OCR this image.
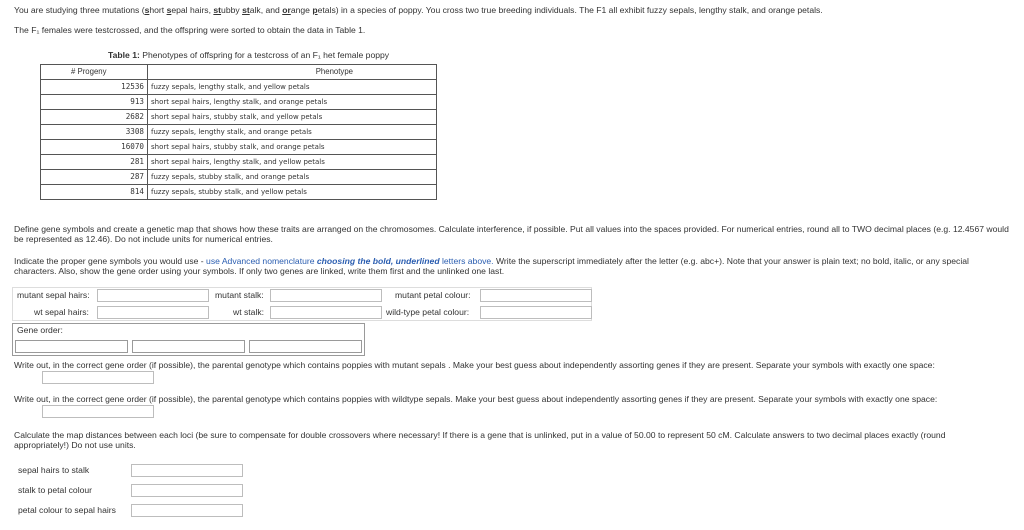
You are studying three mutations (short sepal hairs, stubby stalk, and orange petals) in a species of poppy. You cross two true breeding individuals. The F1 all exhibit fuzzy sepals, lengthy stalk, and orange petals.
The F₁ females were testcrossed, and the offspring were sorted to obtain the data in Table 1.
Table 1: Phenotypes of offspring for a testcross of an F₁ het female poppy
# Progeny	Phenotype
12536	fuzzy sepals, lengthy stalk, and yellow petals
913	short sepal hairs, lengthy stalk, and orange petals
2682	short sepal hairs, stubby stalk, and yellow petals
3308	fuzzy sepals, lengthy stalk, and orange petals
16070	short sepal hairs, stubby stalk, and orange petals
281	short sepal hairs, lengthy stalk, and yellow petals
287	fuzzy sepals, stubby stalk, and orange petals
814	fuzzy sepals, stubby stalk, and yellow petals
Define gene symbols and create a genetic map that shows how these traits are arranged on the chromosomes. Calculate interference, if possible. Put all values into the spaces provided. For numerical entries, round all to TWO decimal places (e.g. 12.4567 would be represented as 12.46). Do not include units for numerical entries.
Indicate the proper gene symbols you would use - use Advanced nomenclature choosing the bold, underlined letters above. Write the superscript immediately after the letter (e.g. abc+). Note that your answer is plain text; no bold, italic, or any special characters. Also, show the gene order using your symbols. If only two genes are linked, write them first and the unlinked one last.
mutant sepal hairs:	mutant stalk:	mutant petal colour:
wt sepal hairs:	wt stalk:	wild-type petal colour:
Gene order:
Write out, in the correct gene order (if possible), the parental genotype which contains poppies with mutant sepals . Make your best guess about independently assorting genes if they are present. Separate your symbols with exactly one space:
Write out, in the correct gene order (if possible), the parental genotype which contains poppies with wildtype sepals. Make your best guess about independently assorting genes if they are present. Separate your symbols with exactly one space:
Calculate the map distances between each loci (be sure to compensate for double crossovers where necessary! If there is a gene that is unlinked, put in a value of 50.00 to represent 50 cM. Calculate answers to two decimal places exactly (round appropriately!) Do not use units.
sepal hairs to stalk
stalk to petal colour
petal colour to sepal hairs
